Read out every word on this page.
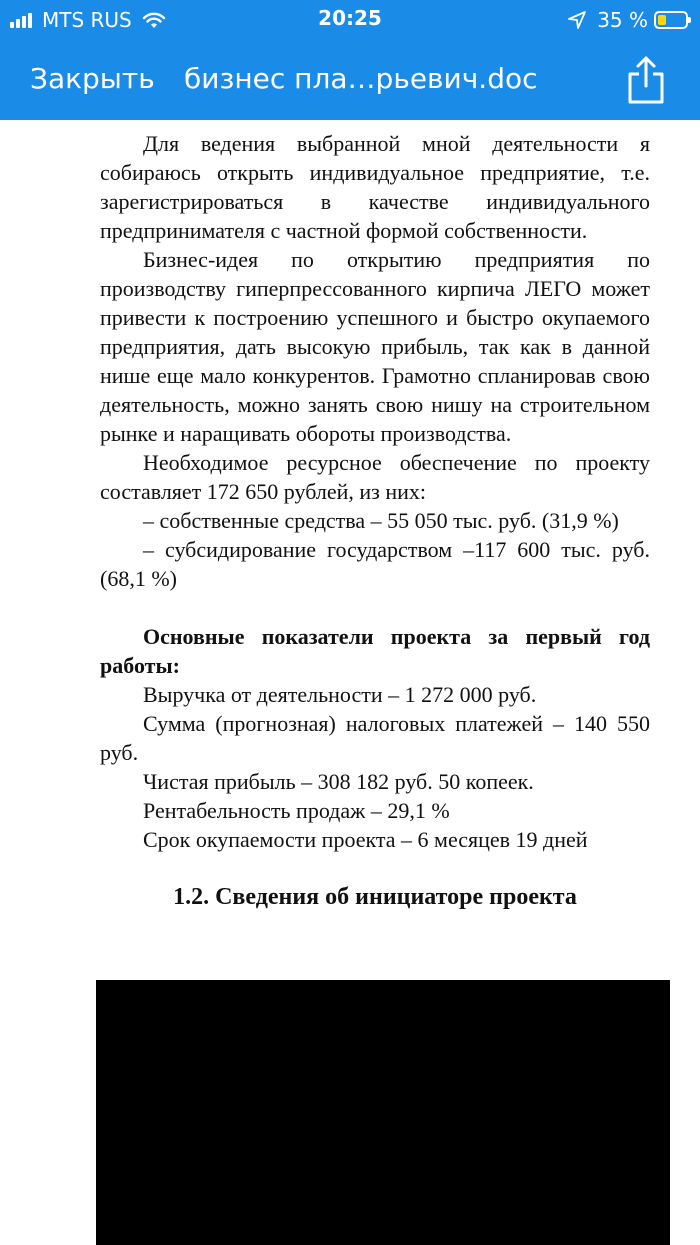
MTS RUS	20:25	35 %
Закрыть бизнес пла…рьевич.doc

Для ведения выбранной мной деятельности я собираюсь открыть индивидуальное предприятие, т.е. зарегистрироваться в качестве индивидуального предпринимателя с частной формой собственности.

Бизнес-идея по открытию предприятия по производству гиперпрессованного кирпича ЛЕГО может привести к построению успешного и быстро окупаемого предприятия, дать высокую прибыль, так как в данной нише еще мало конкурентов. Грамотно спланировав свою деятельность, можно занять свою нишу на строительном рынке и наращивать обороты производства.

Необходимое ресурсное обеспечение по проекту составляет 172 650 рублей, из них:

– собственные средства – 55 050 тыс. руб. (31,9 %)

– субсидирование государством –117 600 тыс. руб. (68,1 %)

Основные показатели проекта за первый год работы:

Выручка от деятельности – 1 272 000 руб.

Сумма (прогнозная) налоговых платежей – 140 550 руб.

Чистая прибыль – 308 182 руб. 50 копеек.

Рентабельность продаж – 29,1 %

Срок окупаемости проекта – 6 месяцев 19 дней

1.2. Сведения об инициаторе проекта
